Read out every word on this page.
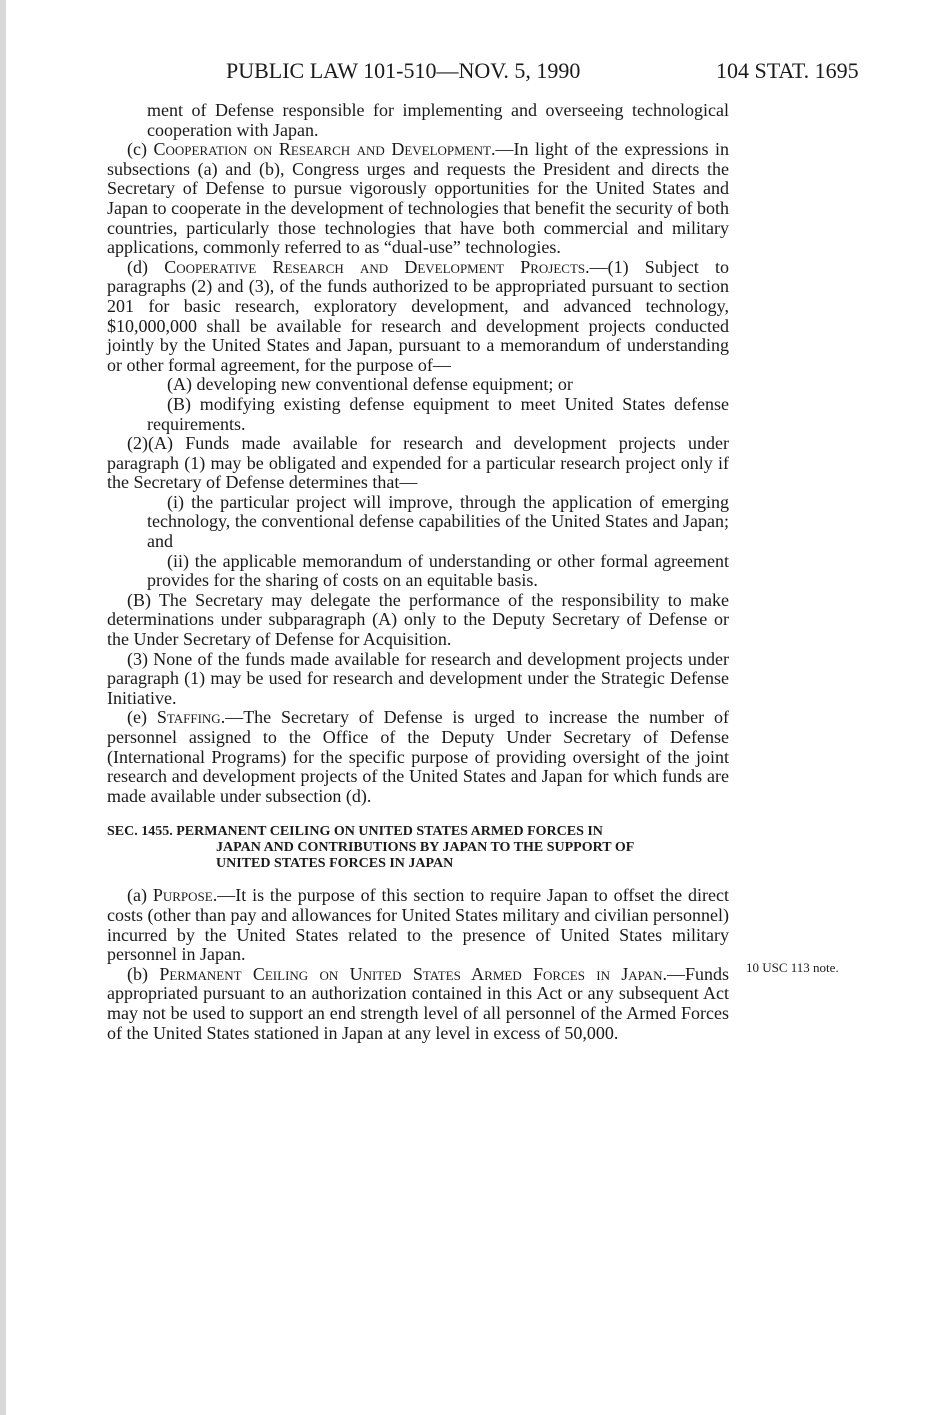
PUBLIC LAW 101-510—NOV. 5, 1990	104 STAT. 1695

ment of Defense responsible for implementing and overseeing technological cooperation with Japan.

(c) Cooperation on Research and Development.—In light of the expressions in subsections (a) and (b), Congress urges and requests the President and directs the Secretary of Defense to pursue vigorously opportunities for the United States and Japan to cooperate in the development of technologies that benefit the security of both countries, particularly those technologies that have both commercial and military applications, commonly referred to as “dual-use” technologies.

(d) Cooperative Research and Development Projects.—(1) Subject to paragraphs (2) and (3), of the funds authorized to be appropriated pursuant to section 201 for basic research, exploratory development, and advanced technology, $10,000,000 shall be available for research and development projects conducted jointly by the United States and Japan, pursuant to a memorandum of understanding or other formal agreement, for the purpose of—

(A) developing new conventional defense equipment; or

(B) modifying existing defense equipment to meet United States defense requirements.

(2)(A) Funds made available for research and development projects under paragraph (1) may be obligated and expended for a particular research project only if the Secretary of Defense determines that—

(i) the particular project will improve, through the application of emerging technology, the conventional defense capabilities of the United States and Japan; and

(ii) the applicable memorandum of understanding or other formal agreement provides for the sharing of costs on an equitable basis.

(B) The Secretary may delegate the performance of the responsibility to make determinations under subparagraph (A) only to the Deputy Secretary of Defense or the Under Secretary of Defense for Acquisition.

(3) None of the funds made available for research and development projects under paragraph (1) may be used for research and development under the Strategic Defense Initiative.

(e) Staffing.—The Secretary of Defense is urged to increase the number of personnel assigned to the Office of the Deputy Under Secretary of Defense (International Programs) for the specific purpose of providing oversight of the joint research and development projects of the United States and Japan for which funds are made available under subsection (d).

SEC. 1455. PERMANENT CEILING ON UNITED STATES ARMED FORCES IN
JAPAN AND CONTRIBUTIONS BY JAPAN TO THE SUPPORT OF
UNITED STATES FORCES IN JAPAN

(a) Purpose.—It is the purpose of this section to require Japan to offset the direct costs (other than pay and allowances for United States military and civilian personnel) incurred by the United States related to the presence of United States military personnel in Japan.

(b) Permanent Ceiling on United States Armed Forces in Japan.—Funds appropriated pursuant to an authorization contained in this Act or any subsequent Act may not be used to support an end strength level of all personnel of the Armed Forces of the United States stationed in Japan at any level in excess of 50,000.

10 USC 113 note.
